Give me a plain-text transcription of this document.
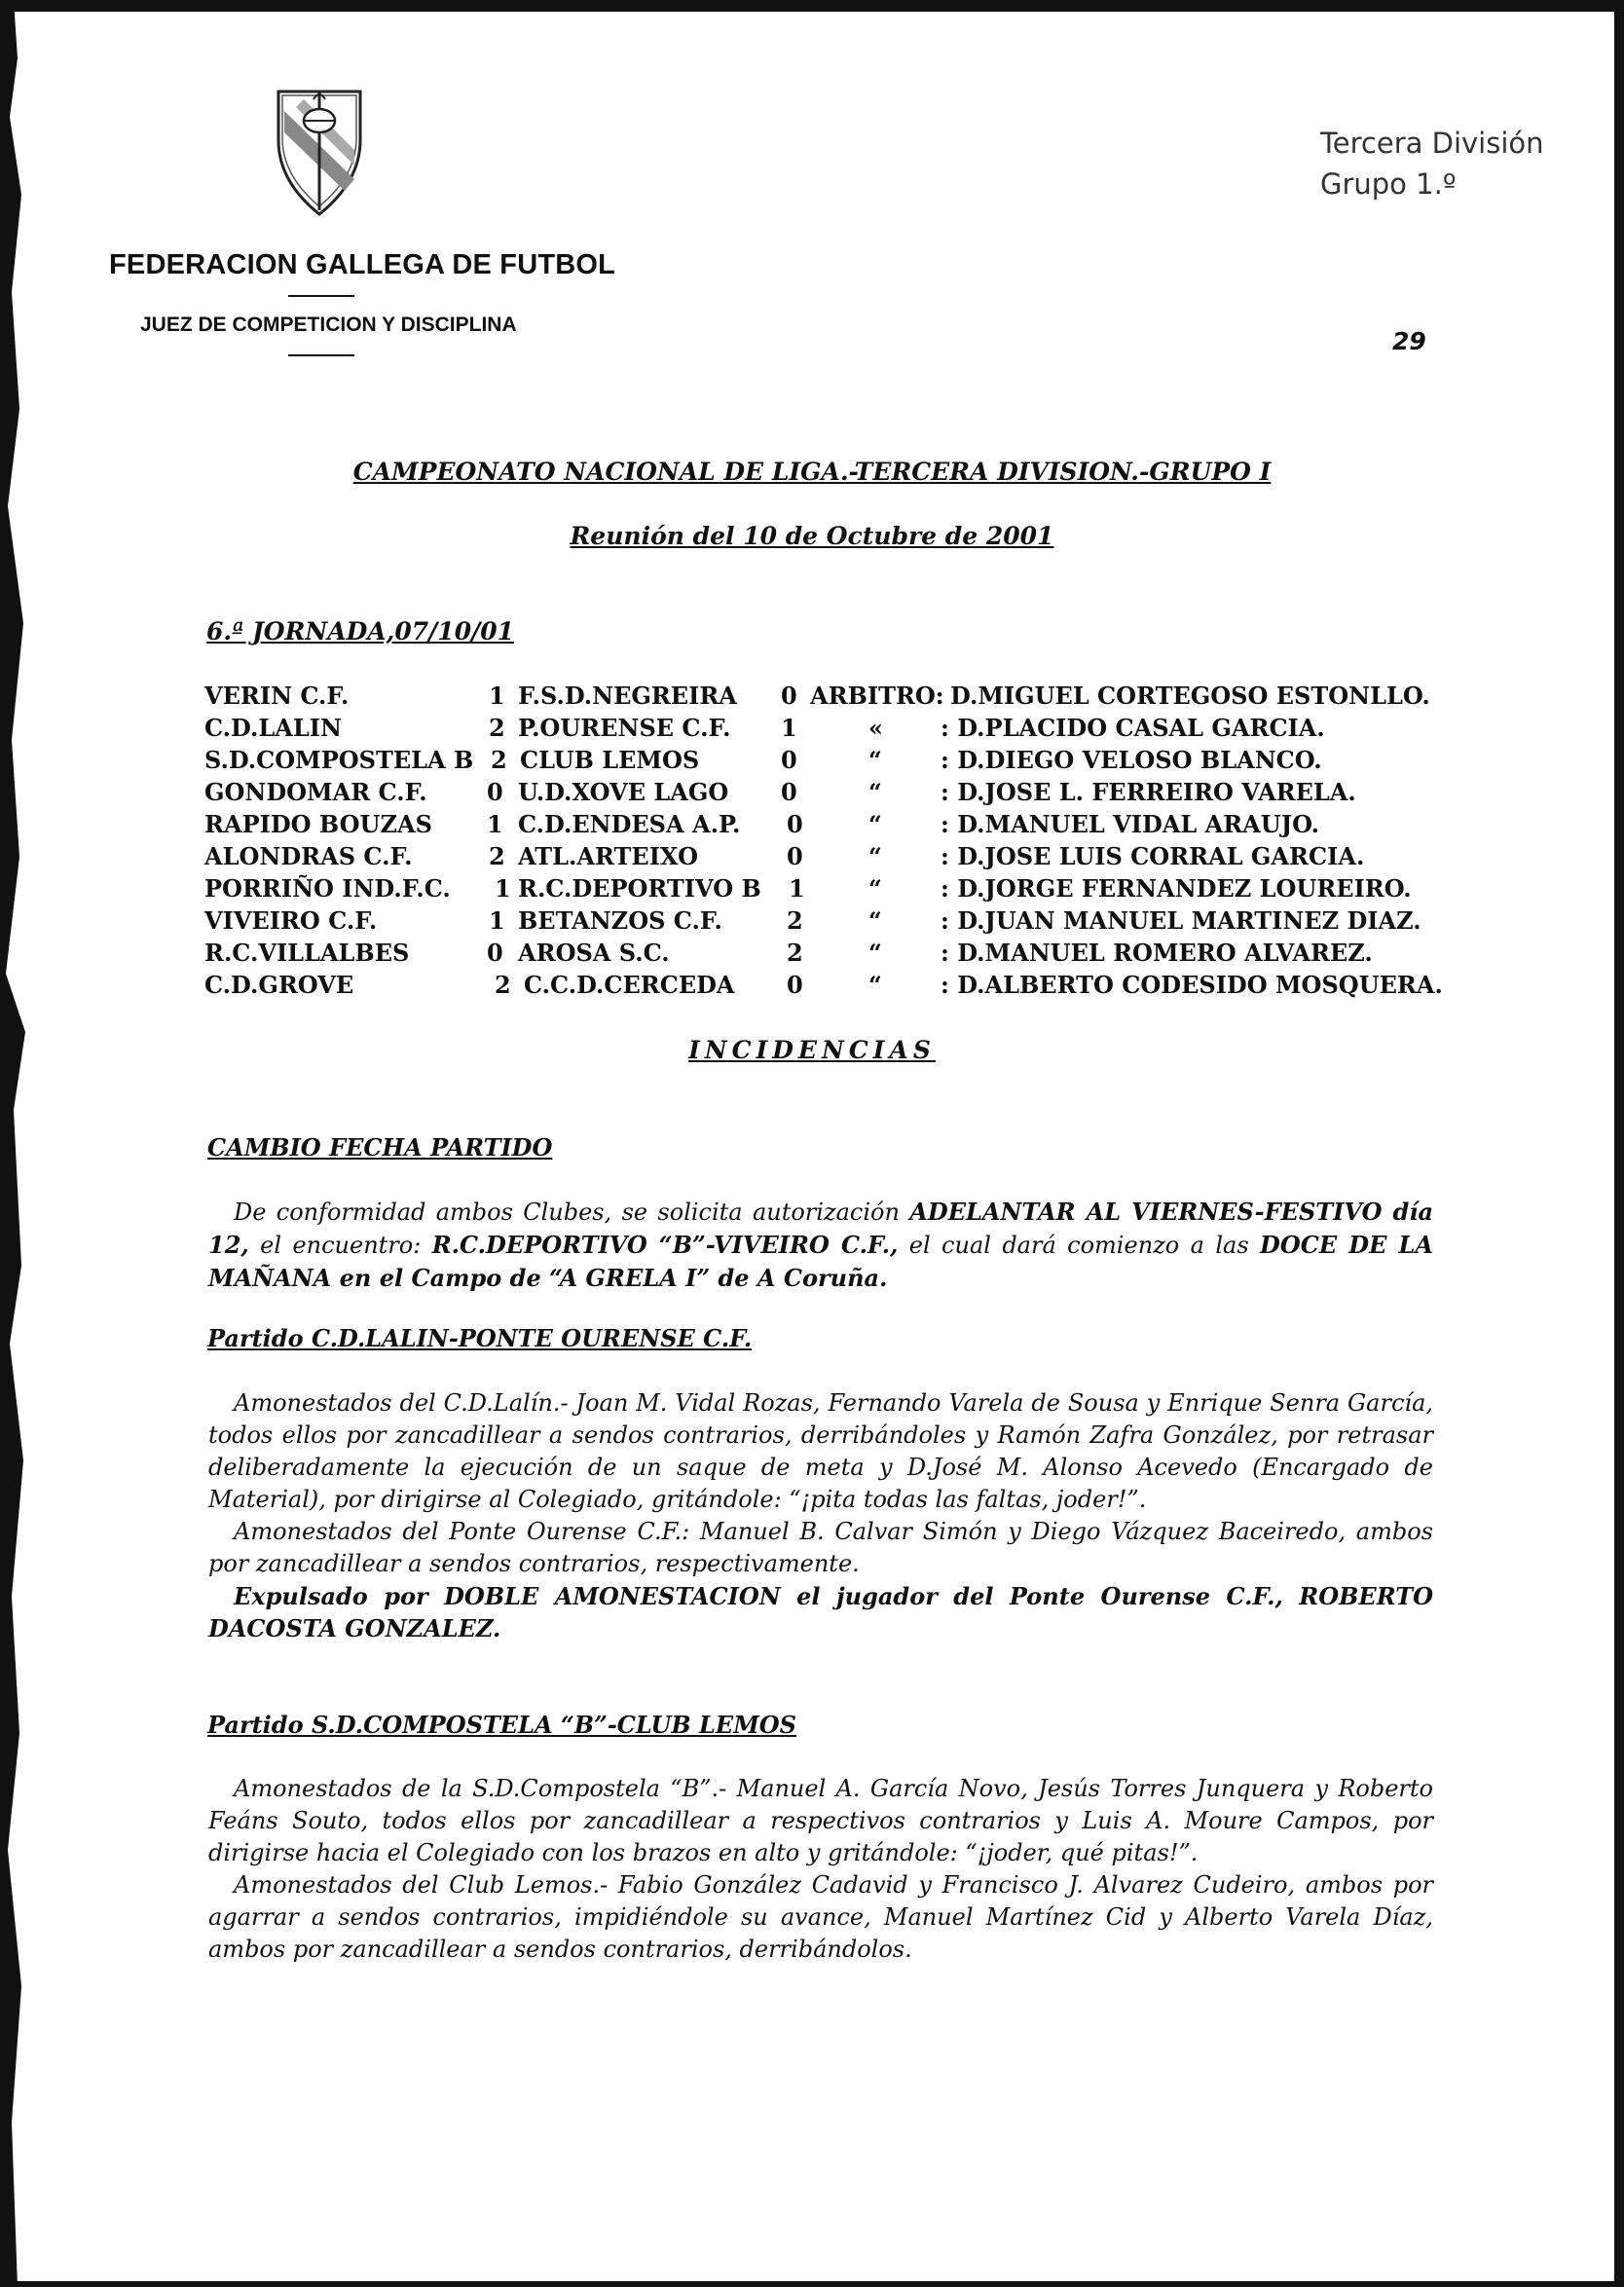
FEDERACION GALLEGA DE FUTBOL
JUEZ DE COMPETICION Y DISCIPLINA
Tercera División
Grupo 1.º
29
CAMPEONATO NACIONAL DE LIGA.-TERCERA DIVISION.-GRUPO I
Reunión del 10 de Octubre de 2001
6.ª JORNADA,07/10/01
VERIN C.F.	1 F.S.D.NEGREIRA 0 ARBITRO: D.MIGUEL CORTEGOSO ESTONLLO.
C.D.LALIN	2 P.OURENSE C.F. 1	« : D.PLACIDO CASAL GARCIA.
S.D.COMPOSTELA B 2 CLUB LEMOS	0	“	: D.DIEGO VELOSO BLANCO.
GONDOMAR C.F.	0 U.D.XOVE LAGO 0	“	: D.JOSE L. FERREIRO VARELA.
RAPIDO BOUZAS 1 C.D.ENDESA A.P. 0	“	: D.MANUEL VIDAL ARAUJO.
ALONDRAS C.F.	2 ATL.ARTEIXO	0	“	: D.JOSE LUIS CORRAL GARCIA.
PORRIÑO IND.F.C. 1 R.C.DEPORTIVO B 1	“	: D.JORGE FERNANDEZ LOUREIRO.
VIVEIRO C.F.	1 BETANZOS C.F.	2	“	: D.JUAN MANUEL MARTINEZ DIAZ.
R.C.VILLALBES	0 AROSA S.C.	2	“	: D.MANUEL ROMERO ALVAREZ.
C.D.GROVE	2 C.C.D.CERCEDA 0	“	: D.ALBERTO CODESIDO MOSQUERA.
INCIDENCIAS
CAMBIO FECHA PARTIDO

De conformidad ambos Clubes, se solicita autorización ADELANTAR AL VIERNES-FESTIVO día 12, el encuentro: R.C.DEPORTIVO “B”-VIVEIRO C.F., el cual dará comienzo a las DOCE DE LA MAÑANA en el Campo de “A GRELA I” de A Coruña.

Partido C.D.LALIN-PONTE OURENSE C.F.

Amonestados del C.D.Lalín.- Joan M. Vidal Rozas, Fernando Varela de Sousa y Enrique Senra García, todos ellos por zancadillear a sendos contrarios, derribándoles y Ramón Zafra González, por retrasar deliberadamente la ejecución de un saque de meta y D.José M. Alonso Acevedo (Encargado de Material), por dirigirse al Colegiado, gritándole: “¡pita todas las faltas, joder!”.

Amonestados del Ponte Ourense C.F.: Manuel B. Calvar Simón y Diego Vázquez Baceiredo, ambos por zancadillear a sendos contrarios, respectivamente.

Expulsado por DOBLE AMONESTACION el jugador del Ponte Ourense C.F., ROBERTO DACOSTA GONZALEZ.

Partido S.D.COMPOSTELA “B”-CLUB LEMOS

Amonestados de la S.D.Compostela “B”.- Manuel A. García Novo, Jesús Torres Junquera y Roberto Feáns Souto, todos ellos por zancadillear a respectivos contrarios y Luis A. Moure Campos, por dirigirse hacia el Colegiado con los brazos en alto y gritándole: “¡joder, qué pitas!”.

Amonestados del Club Lemos.- Fabio González Cadavid y Francisco J. Alvarez Cudeiro, ambos por agarrar a sendos contrarios, impidiéndole su avance, Manuel Martínez Cid y Alberto Varela Díaz, ambos por zancadillear a sendos contrarios, derribándolos.
